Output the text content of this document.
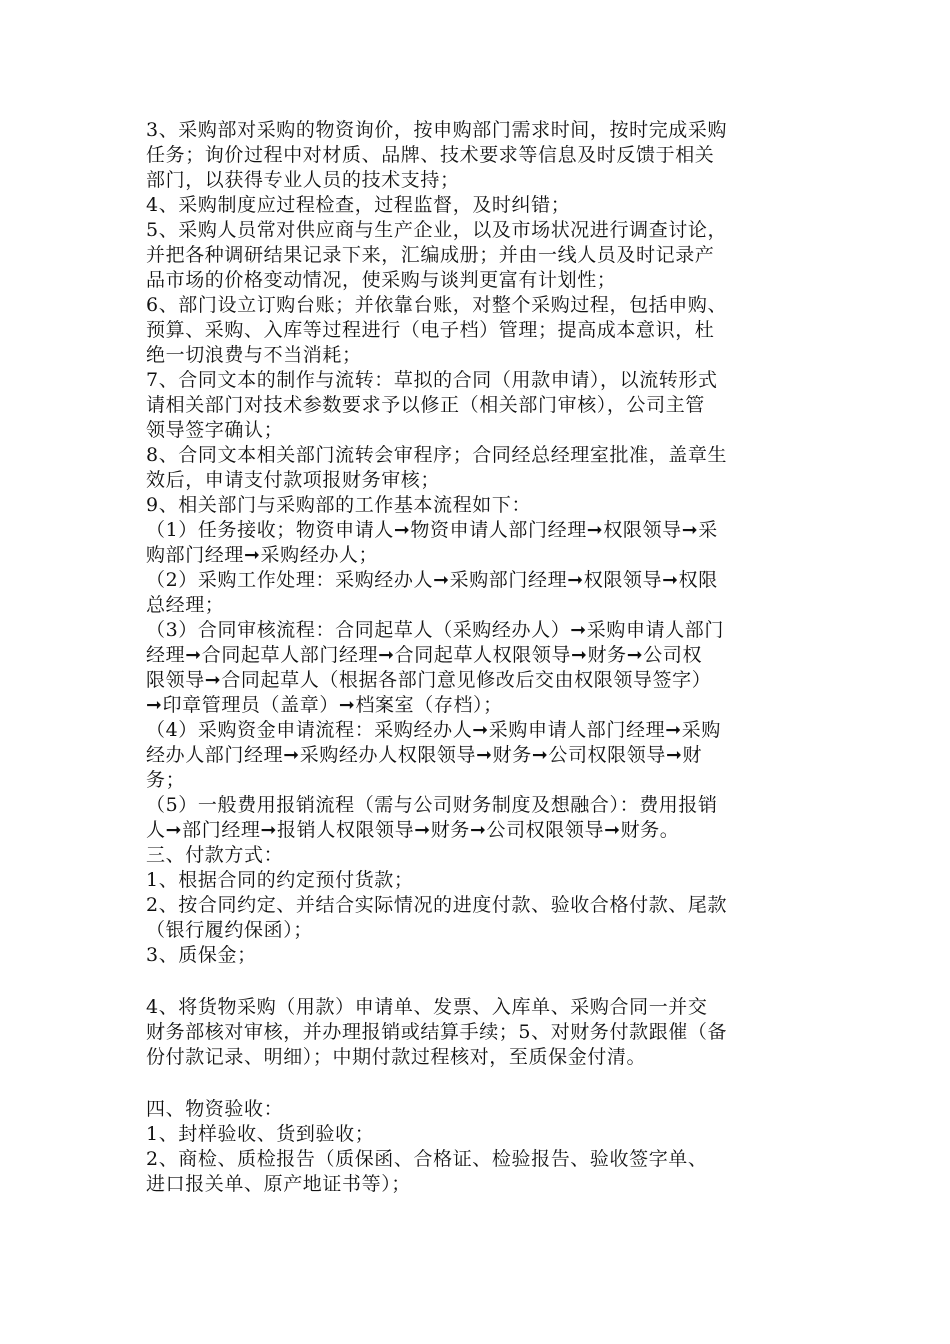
3、采购部对采购的物资询价，按申购部门需求时间，按时完成采购
任务；询价过程中对材质、品牌、技术要求等信息及时反馈于相关
部门，以获得专业人员的技术支持；
4、采购制度应过程检查，过程监督，及时纠错；
5、采购人员常对供应商与生产企业，以及市场状况进行调查讨论，
并把各种调研结果记录下来，汇编成册；并由一线人员及时记录产
品市场的价格变动情况，使采购与谈判更富有计划性；
6、部门设立订购台账；并依靠台账，对整个采购过程，包括申购、
预算、采购、入库等过程进行（电子档）管理；提高成本意识，杜
绝一切浪费与不当消耗；
7、合同文本的制作与流转：草拟的合同（用款申请），以流转形式
请相关部门对技术参数要求予以修正（相关部门审核），公司主管
领导签字确认；
8、合同文本相关部门流转会审程序；合同经总经理室批准，盖章生
效后，申请支付款项报财务审核；
9、相关部门与采购部的工作基本流程如下：
（1）任务接收；物资申请人➞物资申请人部门经理➞权限领导➞采
购部门经理➞采购经办人；
（2）采购工作处理：采购经办人➞采购部门经理➞权限领导➞权限
总经理；
（3）合同审核流程：合同起草人（采购经办人）➞采购申请人部门
经理➞合同起草人部门经理➞合同起草人权限领导➞财务➞公司权
限领导➞合同起草人（根据各部门意见修改后交由权限领导签字）
➞印章管理员（盖章）➞档案室（存档）；
（4）采购资金申请流程：采购经办人➞采购申请人部门经理➞采购
经办人部门经理➞采购经办人权限领导➞财务➞公司权限领导➞财
务；
（5）一般费用报销流程（需与公司财务制度及想融合）：费用报销
人➞部门经理➞报销人权限领导➞财务➞公司权限领导➞财务。
三、付款方式：
1、根据合同的约定预付货款；
2、按合同约定、并结合实际情况的进度付款、验收合格付款、尾款
（银行履约保函）；
3、质保金；
4、将货物采购（用款）申请单、发票、入库单、采购合同一并交
财务部核对审核，并办理报销或结算手续；5、对财务付款跟催（备
份付款记录、明细）；中期付款过程核对，至质保金付清。
四、物资验收：
1、封样验收、货到验收；
2、商检、质检报告（质保函、合格证、检验报告、验收签字单、
进口报关单、原产地证书等）；
